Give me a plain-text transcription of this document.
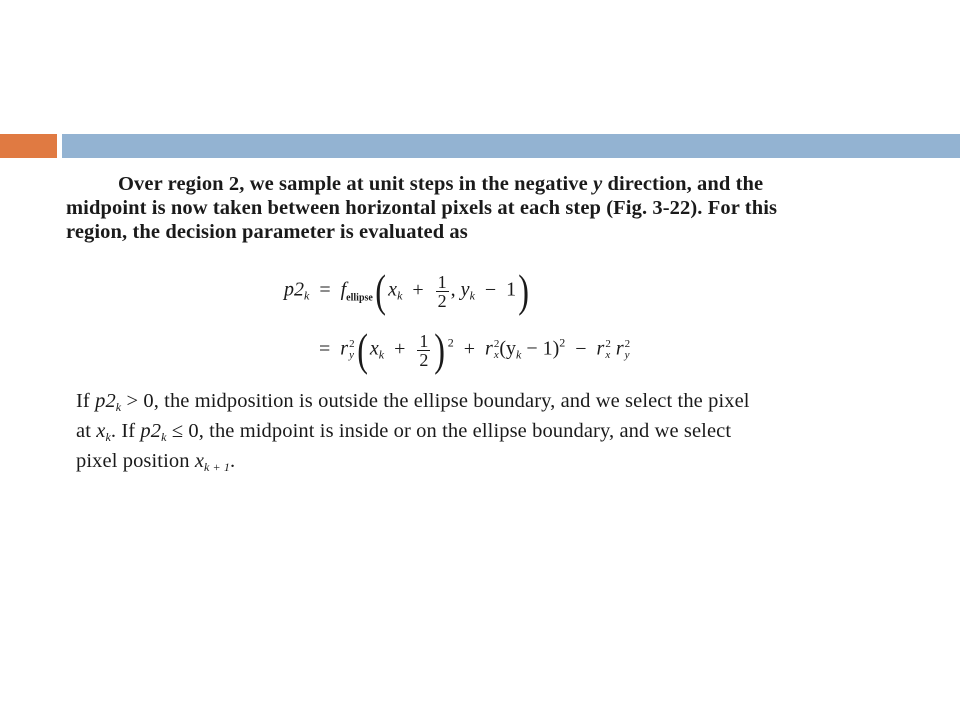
Over region 2, we sample at unit steps in the negative y direction, and the
midpoint is now taken between horizontal pixels at each step (Fig. 3-22). For this
region, the decision parameter is evaluated as

$p2_k = f_{ellipse}$( $x_k + \frac{1}{2}$ , $y_k - 1$)
= r 2
y ( $x_k + \frac{1}{2}$ ) $^2$ + r 2
x $(y_k - 1)^2 - r$ 2
x r 2
y

If $p2_k > 0$, the midposition is outside the ellipse boundary, and we select the pixel
at $x_k$. If $p2_k \le 0$, the midpoint is inside or on the ellipse boundary, and we select
pixel position $x_{k + 1}$.
